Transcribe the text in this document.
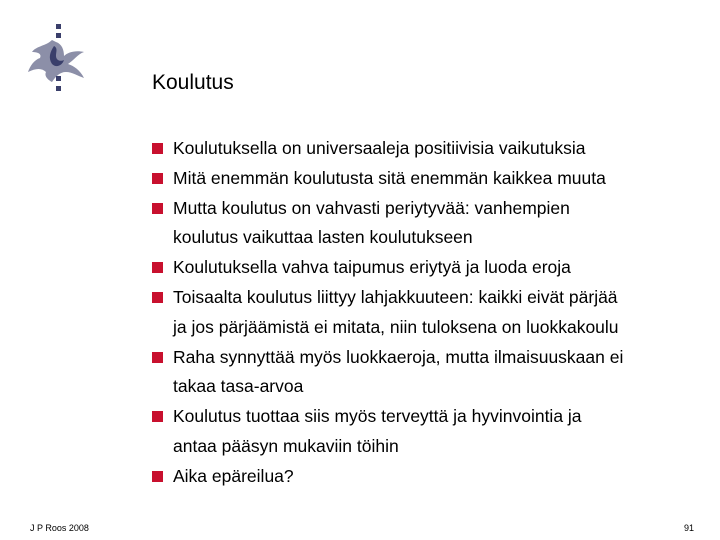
Koulutus
Koulutuksella on universaaleja positiivisia vaikutuksia
Mitä enemmän koulutusta sitä enemmän kaikkea muuta
Mutta koulutus on vahvasti periytyvää: vanhempien
koulutus vaikuttaa lasten koulutukseen
Koulutuksella vahva taipumus eriytyä ja luoda eroja
Toisaalta koulutus liittyy lahjakkuuteen: kaikki eivät pärjää
ja jos pärjäämistä ei mitata, niin tuloksena on luokkakoulu
Raha synnyttää myös luokkaeroja, mutta ilmaisuuskaan ei
takaa tasa-arvoa
Koulutus tuottaa siis myös terveyttä ja hyvinvointia ja
antaa pääsyn mukaviin töihin
Aika epäreilua?
J P Roos 2008	91
